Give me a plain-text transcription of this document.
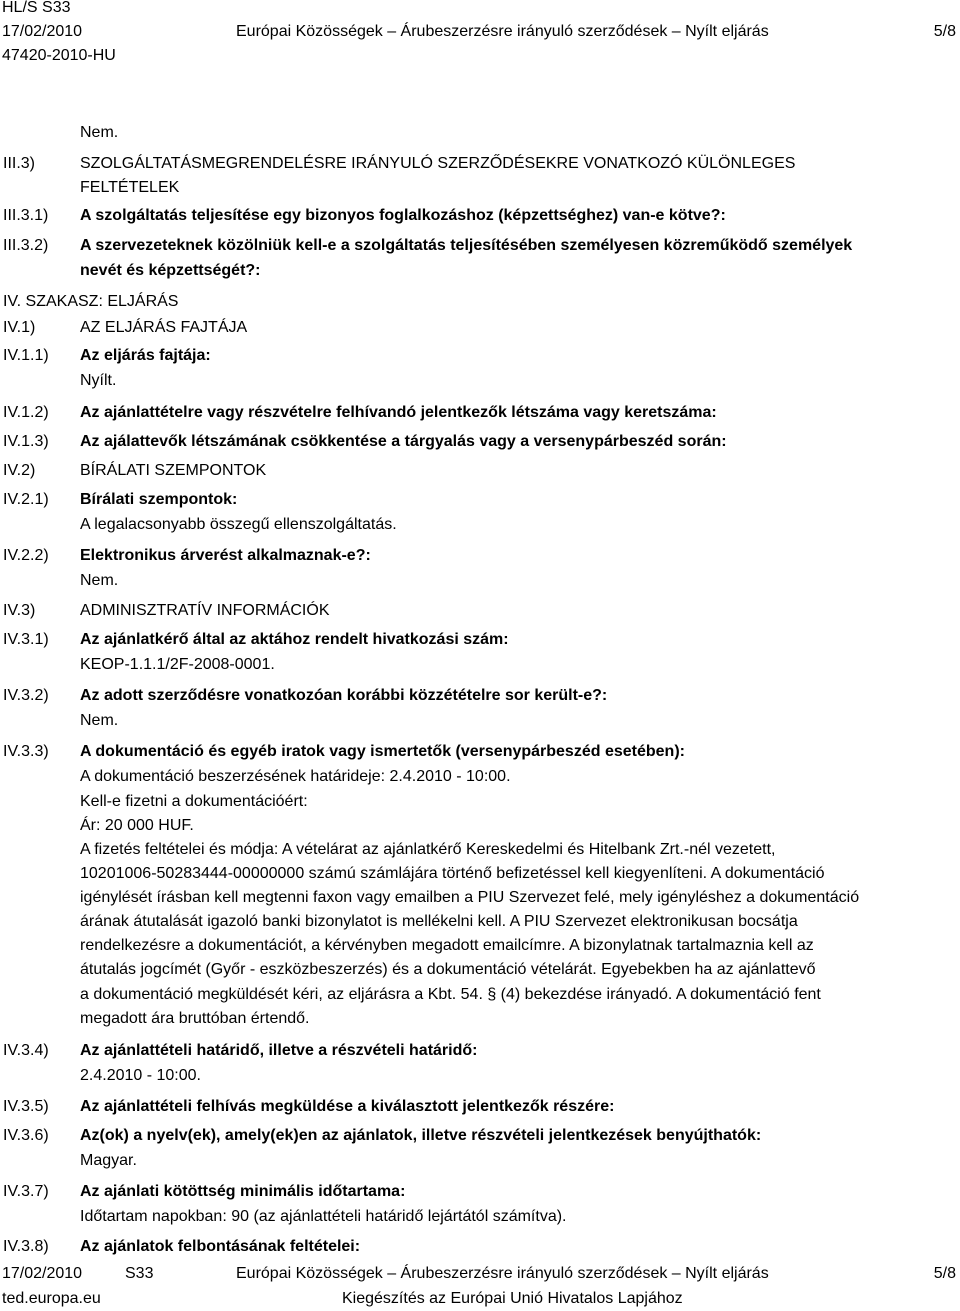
HL/S S33
17/02/2010	Európai Közösségek – Árubeszerzésre irányuló szerződések – Nyílt eljárás	5/8
47420-2010-HU
Nem.
III.3)	SZOLGÁLTATÁSMEGRENDELÉSRE IRÁNYULÓ SZERZŐDÉSEKRE VONATKOZÓ KÜLÖNLEGES
FELTÉTELEK
III.3.1) A szolgáltatás teljesítése egy bizonyos foglalkozáshoz (képzettséghez) van-e kötve?:
III.3.2) A szervezeteknek közölniük kell-e a szolgáltatás teljesítésében személyesen közreműködő személyek
nevét és képzettségét?:
IV. SZAKASZ: ELJÁRÁS
IV.1)	AZ ELJÁRÁS FAJTÁJA
IV.1.1) Az eljárás fajtája:
Nyílt.
IV.1.2) Az ajánlattételre vagy részvételre felhívandó jelentkezők létszáma vagy keretszáma:
IV.1.3) Az ajálattevők létszámának csökkentése a tárgyalás vagy a versenypárbeszéd során:
IV.2)	BÍRÁLATI SZEMPONTOK
IV.2.1) Bírálati szempontok:
A legalacsonyabb összegű ellenszolgáltatás.
IV.2.2) Elektronikus árverést alkalmaznak-e?:
Nem.
IV.3)	ADMINISZTRATÍV INFORMÁCIÓK
IV.3.1) Az ajánlatkérő által az aktához rendelt hivatkozási szám:
KEOP-1.1.1/2F-2008-0001.
IV.3.2) Az adott szerződésre vonatkozóan korábbi közzétételre sor került-e?:
Nem.
IV.3.3) A dokumentáció és egyéb iratok vagy ismertetők (versenypárbeszéd esetében):
A dokumentáció beszerzésének határideje: 2.4.2010 - 10:00.
Kell-e fizetni a dokumentációért:
Ár: 20 000 HUF.
A fizetés feltételei és módja: A vételárat az ajánlatkérő Kereskedelmi és Hitelbank Zrt.-nél vezetett,
10201006-50283444-00000000 számú számlájára történő befizetéssel kell kiegyenlíteni. A dokumentáció
igénylését írásban kell megtenni faxon vagy emailben a PIU Szervezet felé, mely igényléshez a dokumentáció
árának átutalását igazoló banki bizonylatot is mellékelni kell. A PIU Szervezet elektronikusan bocsátja
rendelkezésre a dokumentációt, a kérvényben megadott emailcímre. A bizonylatnak tartalmaznia kell az
átutalás jogcímét (Győr - eszközbeszerzés) és a dokumentáció vételárát. Egyebekben ha az ajánlattevő
a dokumentáció megküldését kéri, az eljárásra a Kbt. 54. § (4) bekezdése irányadó. A dokumentáció fent
megadott ára bruttóban értendő.
IV.3.4) Az ajánlattételi határidő, illetve a részvételi határidő:
2.4.2010 - 10:00.
IV.3.5) Az ajánlattételi felhívás megküldése a kiválasztott jelentkezők részére:
IV.3.6) Az(ok) a nyelv(ek), amely(ek)en az ajánlatok, illetve részvételi jelentkezések benyújthatók:
Magyar.
IV.3.7) Az ajánlati kötöttség minimális időtartama:
Időtartam napokban: 90 (az ajánlattételi határidő lejártától számítva).
IV.3.8) Az ajánlatok felbontásának feltételei:
17/02/2010	S33	Európai Közösségek – Árubeszerzésre irányuló szerződések – Nyílt eljárás	5/8
ted.europa.eu	Kiegészítés az Európai Unió Hivatalos Lapjához
